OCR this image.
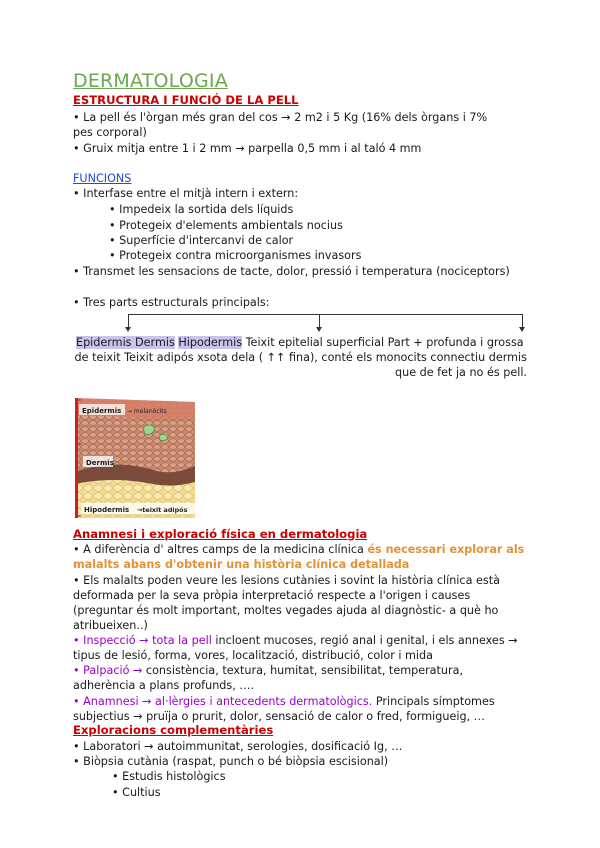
DERMATOLOGIA
ESTRUCTURA I FUNCIÓ DE LA PELL
• La pell és l'òrgan més gran del cos → 2 m2 i 5 Kg (16% dels òrgans i 7%
pes corporal)
• Gruix mitja entre 1 i 2 mm → parpella 0,5 mm i al taló 4 mm
FUNCIONS
• Interfase entre el mitjà intern i extern:
• Impedeix la sortida dels líquids
• Protegeix d'elements ambientals nocius
• Superfície d'intercanvi de calor
• Protegeix contra microorganismes invasors
• Transmet les sensacions de tacte, dolor, pressió i temperatura (nociceptors)
• Tres parts estructurals principals:
Epidermis Dermis Hipodermis Teixit epitelial superficial Part + profunda i grossa
de teixit Teixit adipós xsota dela ( ↑↑ fina), conté els monocits connectiu dermis
que de fet ja no és pell.
Epidermis → melanòcits
Dermis
Hipodermis →teixit adipós
Anamnesi i exploració física en dermatologia
• A diferència d' altres camps de la medicina clínica és necessari explorar als
malalts abans d'obtenir una història clínica detallada
• Els malalts poden veure les lesions cutànies i sovint la història clínica està
deformada per la seva pròpia interpretació respecte a l'origen i causes
(preguntar és molt important, moltes vegades ajuda al diagnòstic- a què ho
atribueixen..)
• Inspecció → tota la pell incloent mucoses, regió anal i genital, i els annexes →
tipus de lesió, forma, vores, localització, distribució, color i mida
• Palpació → consistència, textura, humitat, sensibilitat, temperatura,
adherència a plans profunds, ….
• Anamnesi → al·lèrgies i antecedents dermatològics. Principals símptomes
subjectius → pruïja o prurit, dolor, sensació de calor o fred, formigueig, …
Exploracions complementàries
• Laboratori → autoimmunitat, serologies, dosificació Ig, …
• Biòpsia cutània (raspat, punch o bé biòpsia escisional)
• Estudis histològics
• Cultius
